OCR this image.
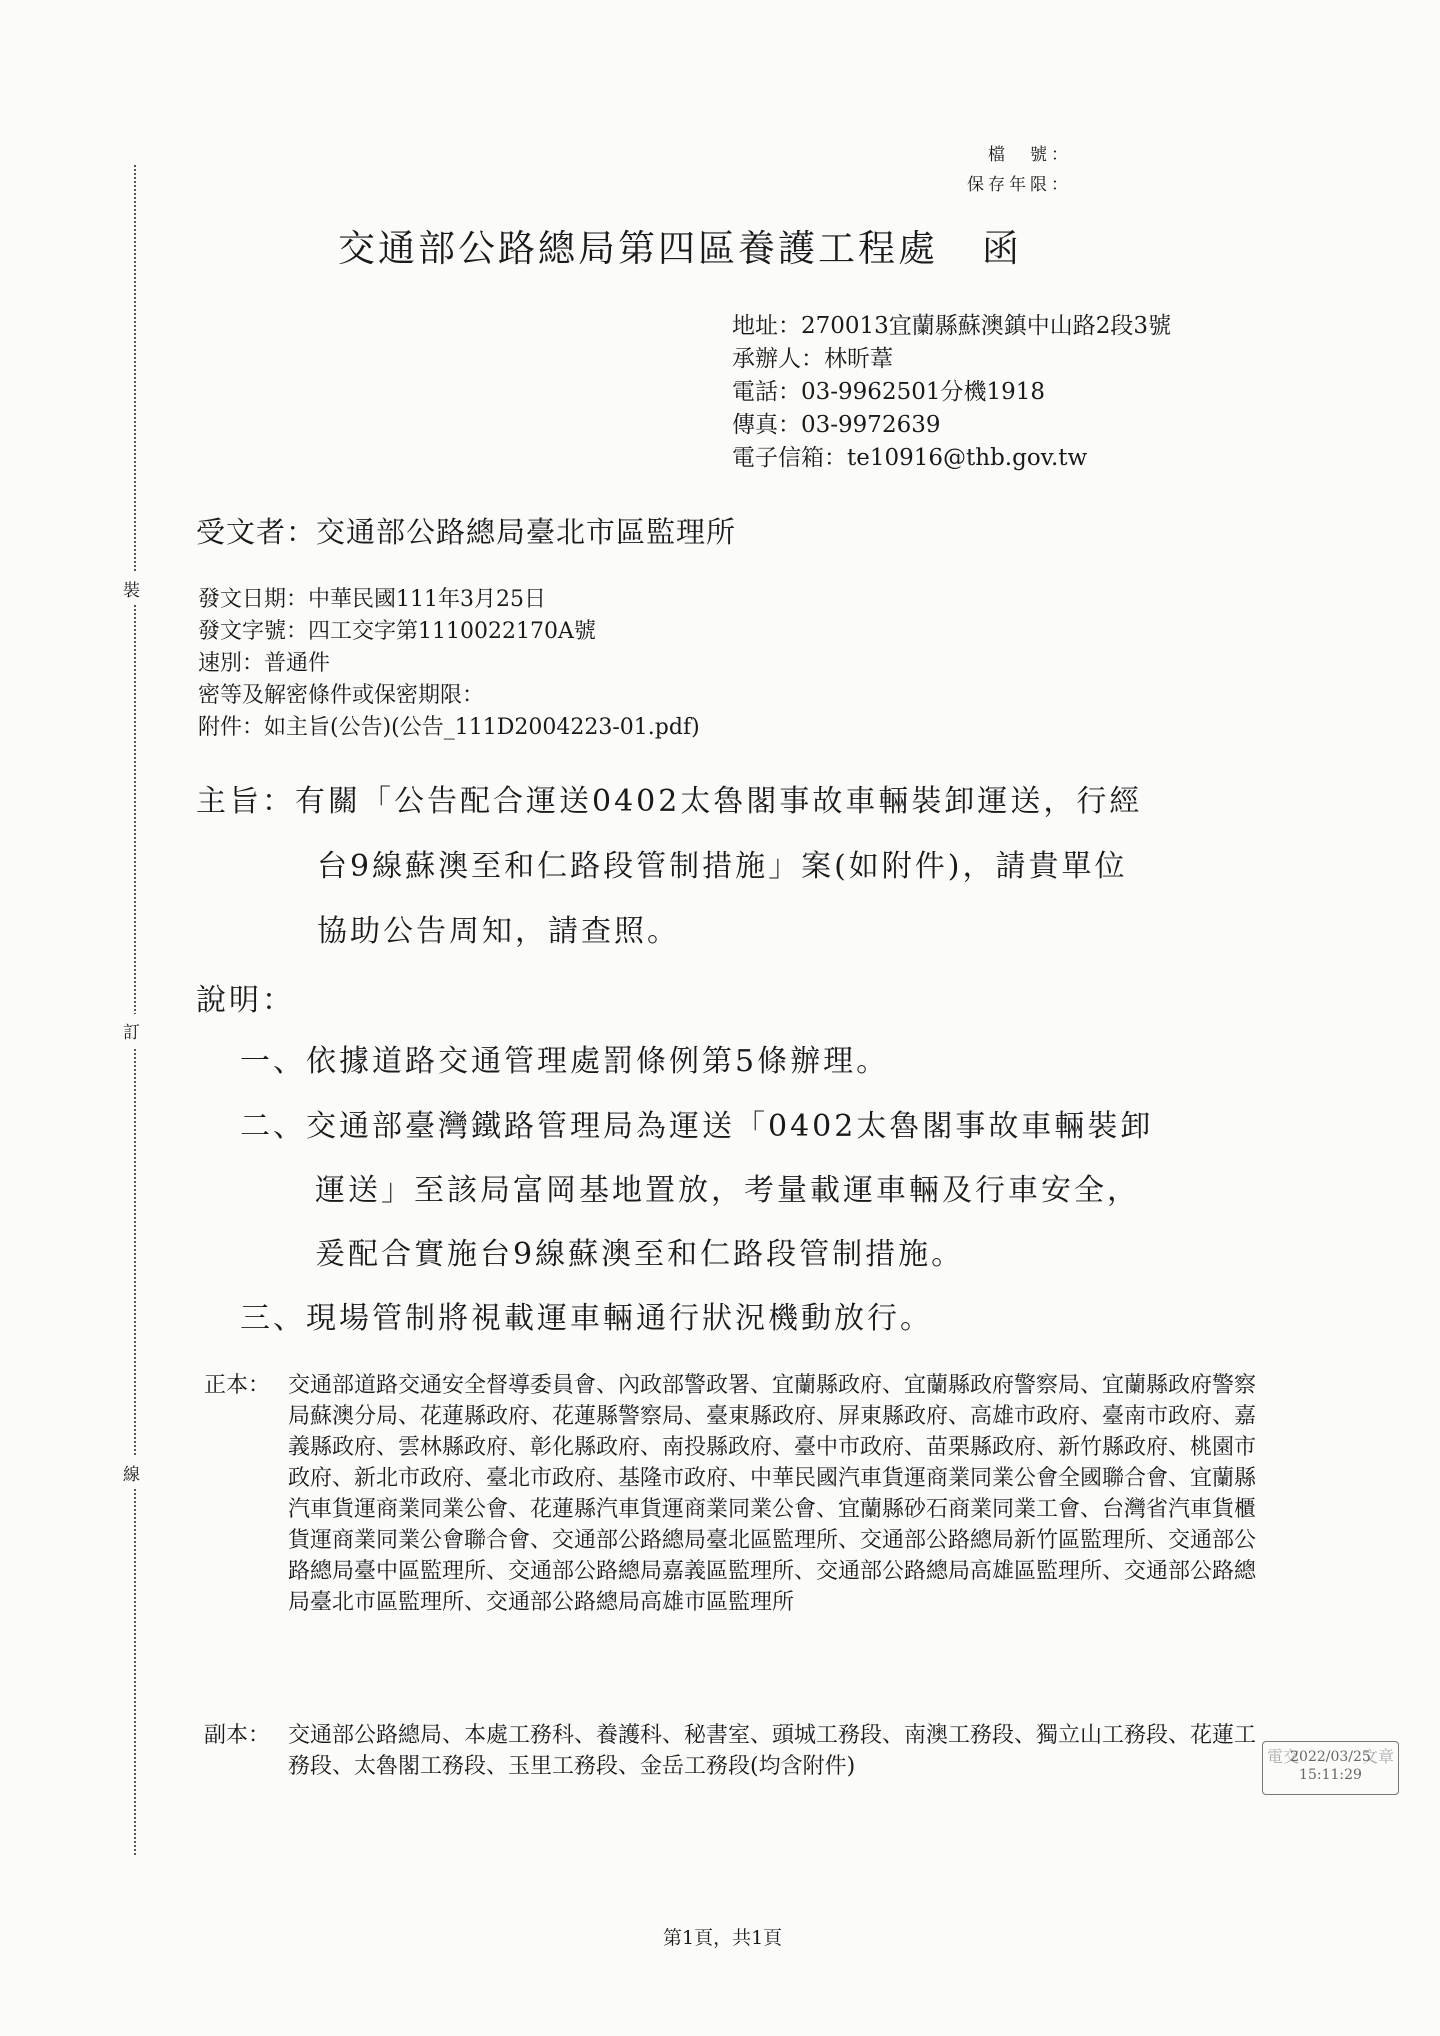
裝
訂
線
檔　號：
保存年限：
交通部公路總局第四區養護工程處 函
地址：270013宜蘭縣蘇澳鎮中山路2段3號
承辦人：林昕葦
電話：03-9962501分機1918
傳真：03-9972639
電子信箱：te10916@thb.gov.tw
受文者：交通部公路總局臺北市區監理所
發文日期：中華民國111年3月25日
發文字號：四工交字第1110022170A號
速別：普通件
密等及解密條件或保密期限：
附件：如主旨(公告)(公告_111D2004223-01.pdf)
主旨：有關「公告配合運送0402太魯閣事故車輛裝卸運送，行經
台9線蘇澳至和仁路段管制措施」案(如附件)，請貴單位
協助公告周知，請查照。
說明：
一、依據道路交通管理處罰條例第5條辦理。
二、交通部臺灣鐵路管理局為運送「0402太魯閣事故車輛裝卸
運送」至該局富岡基地置放，考量載運車輛及行車安全，
爰配合實施台9線蘇澳至和仁路段管制措施。
三、現場管制將視載運車輛通行狀況機動放行。
正本： 交通部道路交通安全督導委員會、內政部警政署、宜蘭縣政府、宜蘭縣政府警察局、宜蘭縣政府警察局蘇澳分局、花蓮縣政府、花蓮縣警察局、臺東縣政府、屏東縣政府、高雄市政府、臺南市政府、嘉義縣政府、雲林縣政府、彰化縣政府、南投縣政府、臺中市政府、苗栗縣政府、新竹縣政府、桃園市政府、新北市政府、臺北市政府、基隆市政府、中華民國汽車貨運商業同業公會全國聯合會、宜蘭縣汽車貨運商業同業公會、花蓮縣汽車貨運商業同業公會、宜蘭縣砂石商業同業工會、台灣省汽車貨櫃貨運商業同業公會聯合會、交通部公路總局臺北區監理所、交通部公路總局新竹區監理所、交通部公路總局臺中區監理所、交通部公路總局嘉義區監理所、交通部公路總局高雄區監理所、交通部公路總局臺北市區監理所、交通部公路總局高雄市區監理所
副本： 交通部公路總局、本處工務科、養護科、秘書室、頭城工務段、南澳工務段、獨立山工務段、花蓮工務段、太魯閣工務段、玉里工務段、金岳工務段(均含附件)	電交	文章
2022/03/25
15:11:29
第1頁，共1頁
